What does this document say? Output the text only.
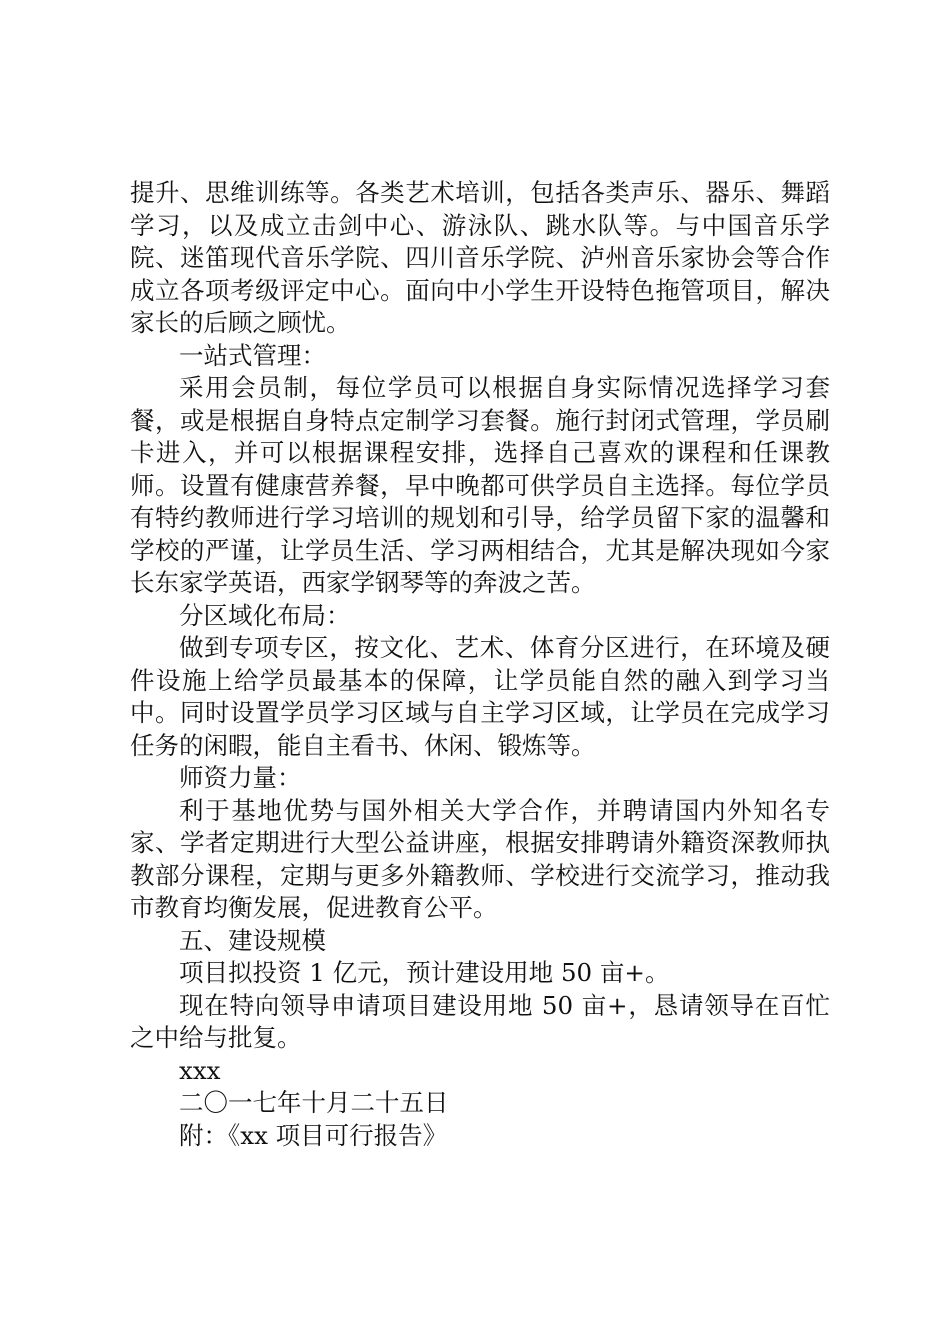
提升、思维训练等。各类艺术培训，包括各类声乐、器乐、舞蹈学习，以及成立击剑中心、游泳队、跳水队等。与中国音乐学院、迷笛现代音乐学院、四川音乐学院、泸州音乐家协会等合作成立各项考级评定中心。面向中小学生开设特色拖管项目，解决家长的后顾之顾忧。

一站式管理：

采用会员制，每位学员可以根据自身实际情况选择学习套餐，或是根据自身特点定制学习套餐。施行封闭式管理，学员刷卡进入，并可以根据课程安排，选择自己喜欢的课程和任课教师。设置有健康营养餐，早中晚都可供学员自主选择。每位学员有特约教师进行学习培训的规划和引导，给学员留下家的温馨和学校的严谨，让学员生活、学习两相结合，尤其是解决现如今家长东家学英语，西家学钢琴等的奔波之苦。

分区域化布局：

做到专项专区，按文化、艺术、体育分区进行，在环境及硬件设施上给学员最基本的保障，让学员能自然的融入到学习当中。同时设置学员学习区域与自主学习区域，让学员在完成学习任务的闲暇，能自主看书、休闲、锻炼等。

师资力量：

利于基地优势与国外相关大学合作，并聘请国内外知名专家、学者定期进行大型公益讲座，根据安排聘请外籍资深教师执教部分课程，定期与更多外籍教师、学校进行交流学习，推动我市教育均衡发展，促进教育公平。

五、建设规模

项目拟投资 1 亿元，预计建设用地 50 亩+。

现在特向领导申请项目建设用地 50 亩+，恳请领导在百忙之中给与批复。

xxx

二〇一七年十月二十五日

附：《xx 项目可行报告》
